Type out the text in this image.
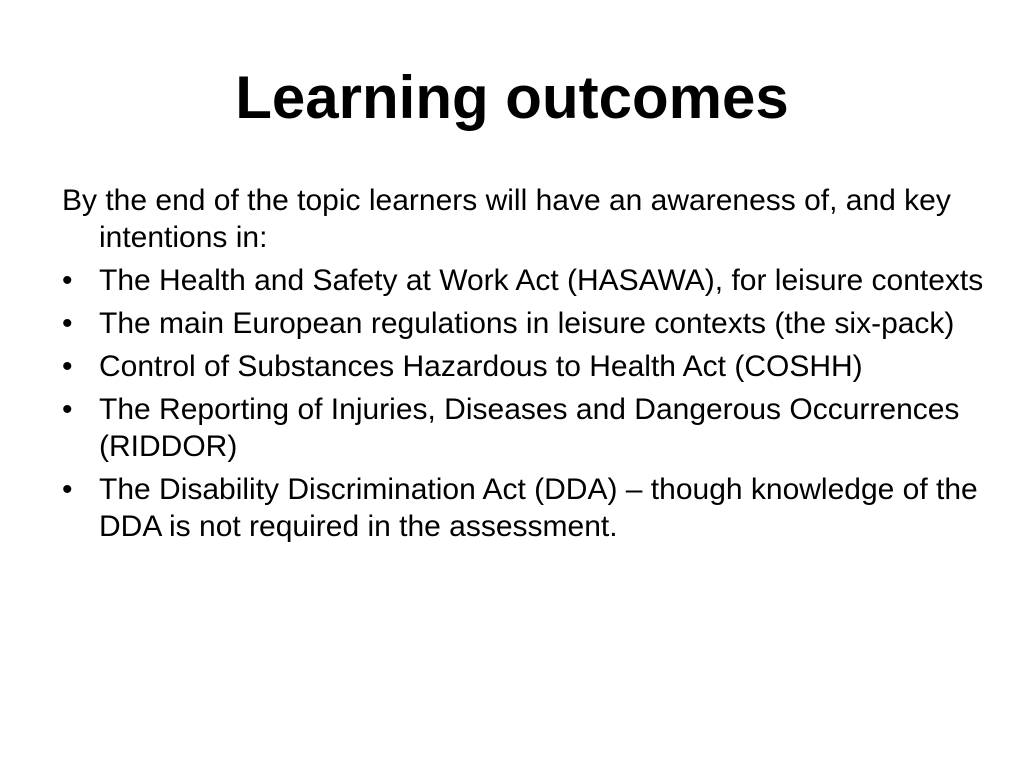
Learning outcomes

By the end of the topic learners will have an awareness of, and key intentions in:

• The Health and Safety at Work Act (HASAWA), for leisure contexts
• The main European regulations in leisure contexts (the six-pack)
• Control of Substances Hazardous to Health Act (COSHH)
• The Reporting of Injuries, Diseases and Dangerous Occurrences (RIDDOR)
• The Disability Discrimination Act (DDA) – though knowledge of the DDA is not required in the assessment.
